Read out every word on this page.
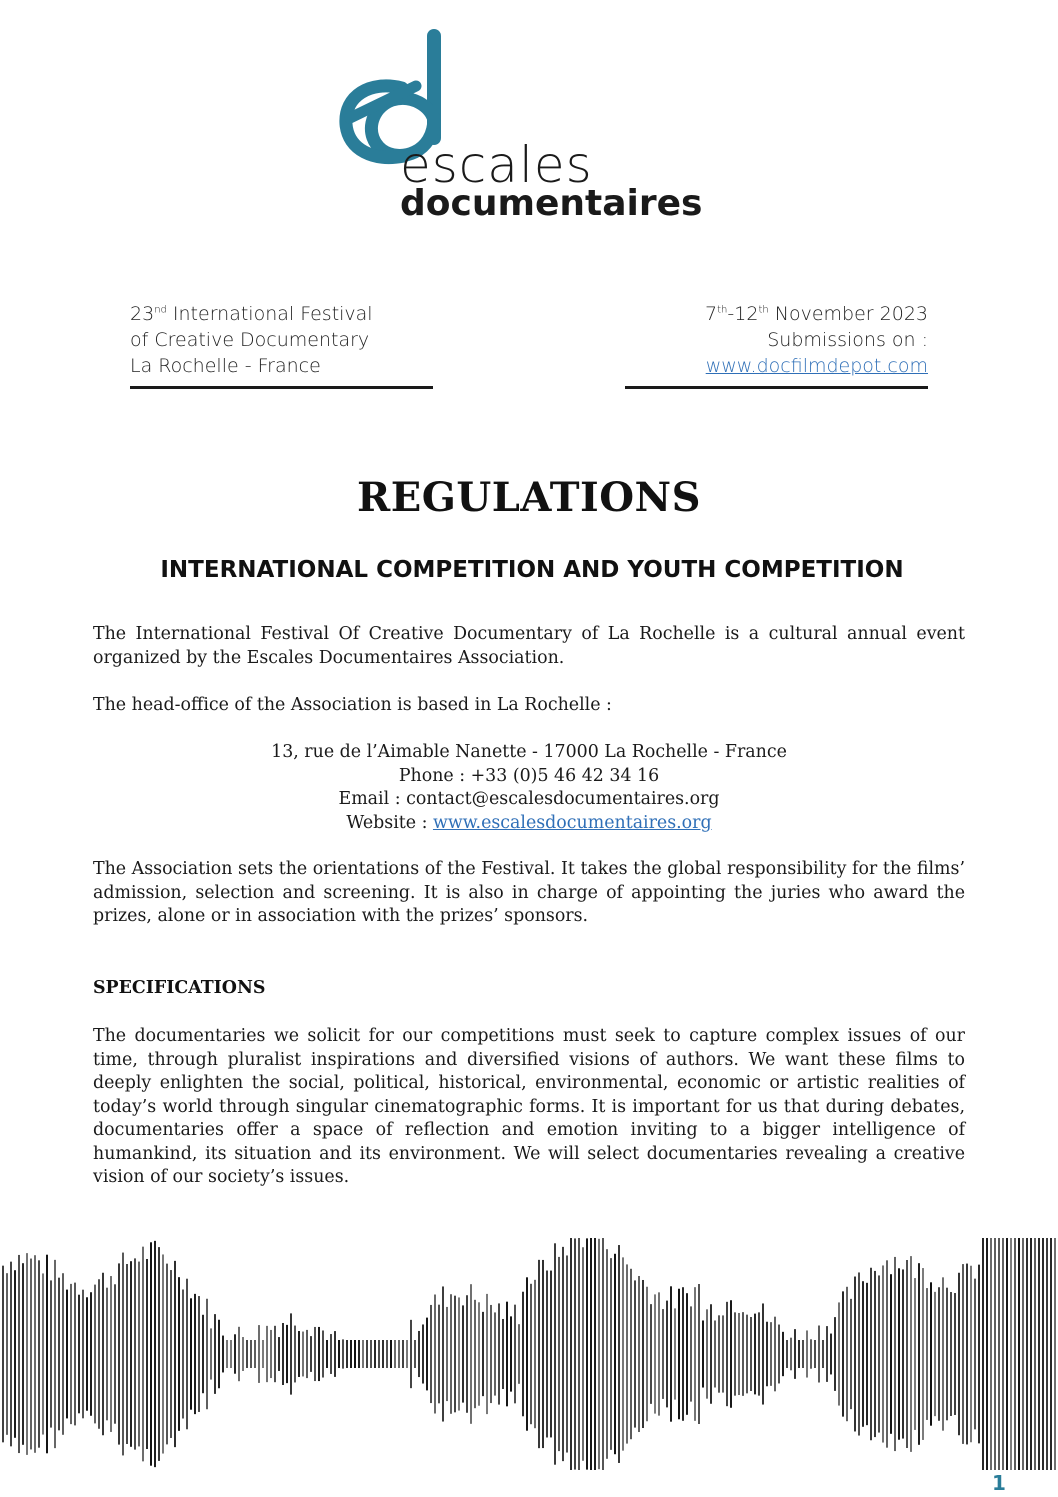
escales
documentaires
23nd International Festival
of Creative Documentary
La Rochelle - France
7th-12th November 2023
Submissions on :
www.docfilmdepot.com
REGULATIONS
INTERNATIONAL COMPETITION AND YOUTH COMPETITION
The International Festival Of Creative Documentary of La Rochelle is a cultural annual event organized by the Escales Documentaires Association.
The head-office of the Association is based in La Rochelle :
13, rue de l’Aimable Nanette - 17000 La Rochelle - France
Phone : +33 (0)5 46 42 34 16
Email : contact@escalesdocumentaires.org
Website : www.escalesdocumentaires.org
The Association sets the orientations of the Festival. It takes the global responsibility for the films’ admission, selection and screening. It is also in charge of appointing the juries who award the prizes, alone or in association with the prizes’ sponsors.
SPECIFICATIONS
The documentaries we solicit for our competitions must seek to capture complex issues of our time, through pluralist inspirations and diversified visions of authors. We want these films to deeply enlighten the social, political, historical, environmental, economic or artistic realities of today’s world through singular cinematographic forms. It is important for us that during debates, documentaries offer a space of reflection and emotion inviting to a bigger intelligence of humankind, its situation and its environment. We will select documentaries revealing a creative vision of our society’s issues.
1
